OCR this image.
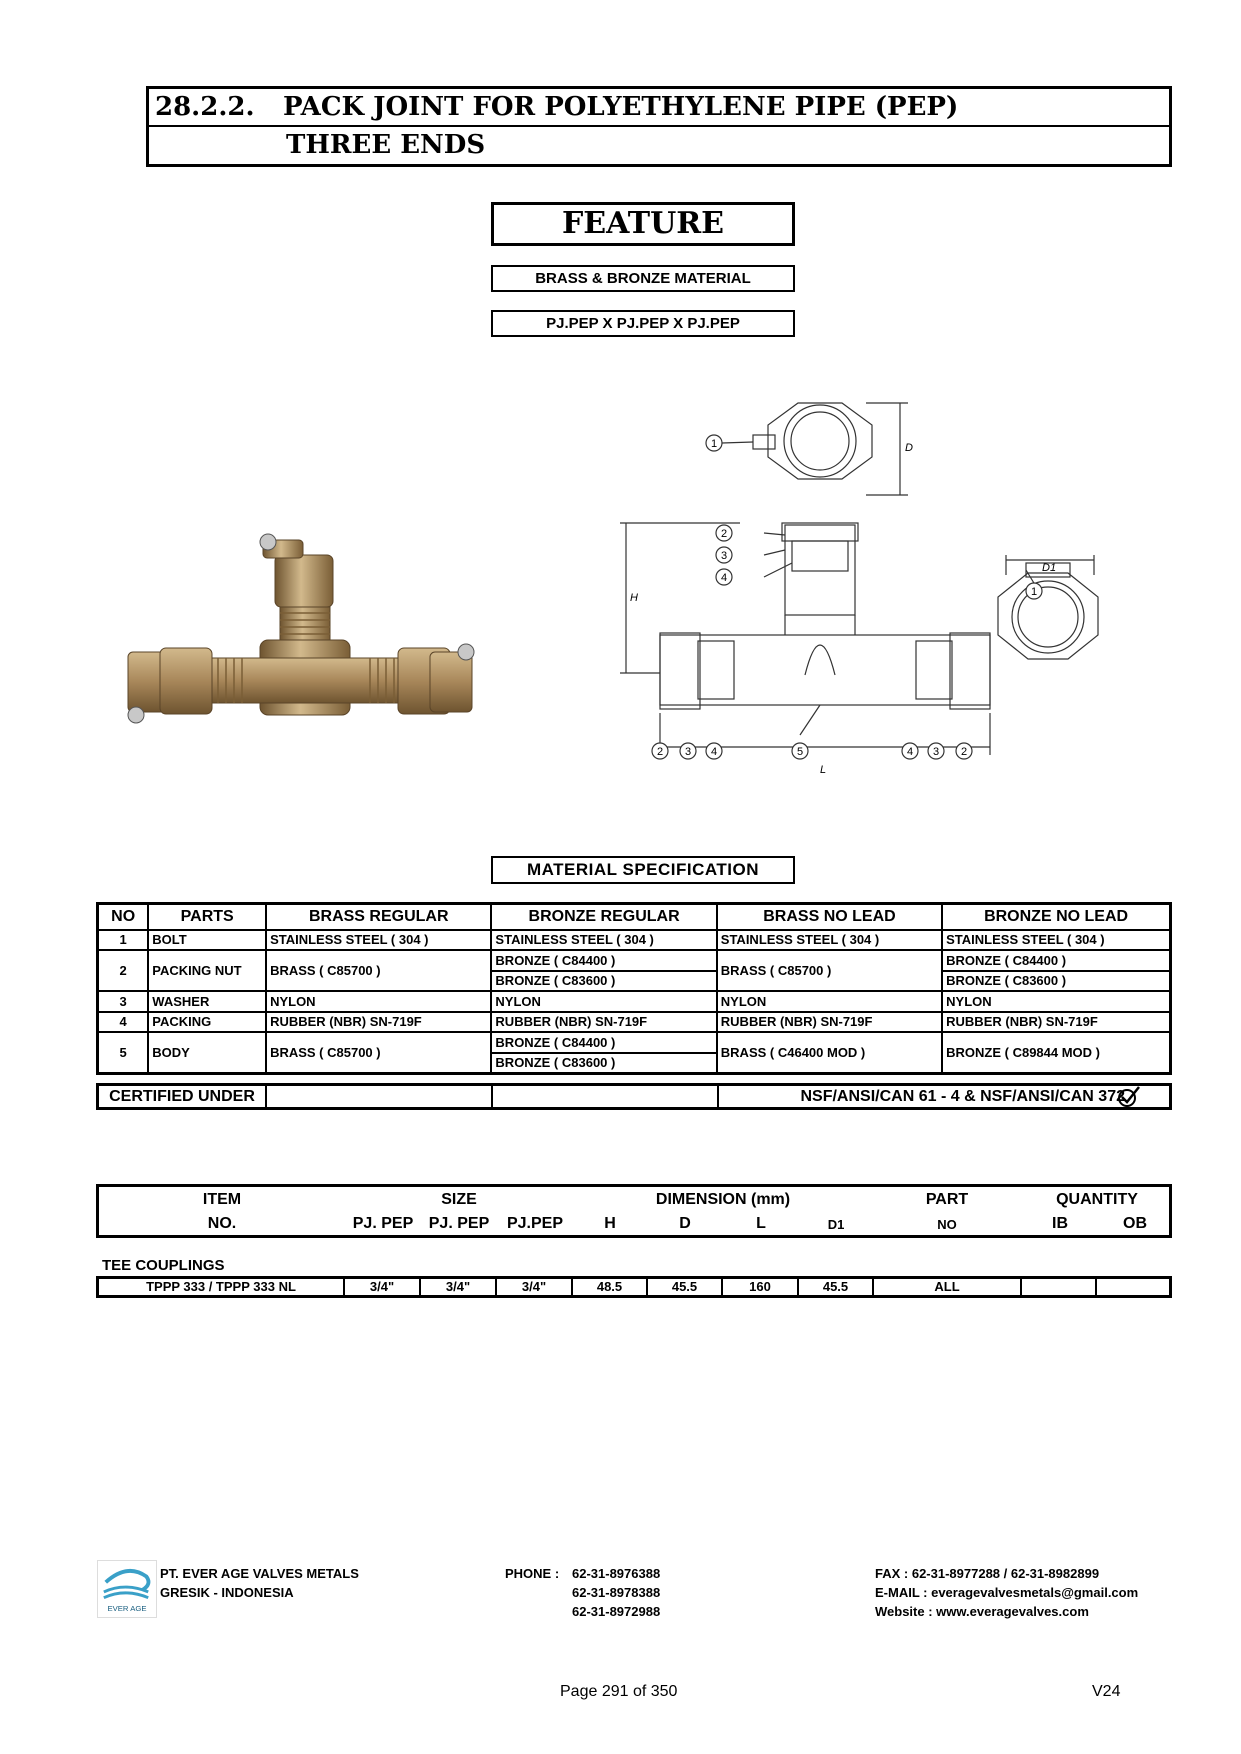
28.2.2. PACK JOINT FOR POLYETHYLENE PIPE (PEP)
THREE ENDS
FEATURE
BRASS & BRONZE MATERIAL
PJ.PEP X PJ.PEP X PJ.PEP
1
2
3
4
2 3 4	5	4 3 2
1
D
D1
H
L
MATERIAL SPECIFICATION
NO	PARTS	BRASS REGULAR	BRONZE REGULAR	BRASS NO LEAD	BRONZE NO LEAD
1	BOLT	STAINLESS STEEL ( 304 )	STAINLESS STEEL ( 304 )	STAINLESS STEEL ( 304 )	STAINLESS STEEL ( 304 )
2	PACKING NUT	BRASS ( C85700 )	BRONZE ( C84400 )	BRASS ( C85700 )	BRONZE ( C84400 )
			BRONZE ( C83600 )		BRONZE ( C83600 )
3	WASHER	NYLON	NYLON	NYLON	NYLON
4	PACKING	RUBBER (NBR) SN-719F	RUBBER (NBR) SN-719F	RUBBER (NBR) SN-719F	RUBBER (NBR) SN-719F
5	BODY	BRASS ( C85700 )	BRONZE ( C84400 )	BRASS ( C46400 MOD )	BRONZE ( C89844 MOD )
			BRONZE ( C83600 )		
CERTIFIED UNDER	NSF/ANSI/CAN 61 - 4 & NSF/ANSI/CAN 372
ITEM
NO.
SIZE
PJ. PEP PJ. PEP PJ.PEP
DIMENSION (mm)
H	D	L	D1
PART
NO
QUANTITY
IB	OB
TEE COUPLINGS
TPPP 333 / TPPP 333 NL	3/4"	3/4"	3/4"	48.5	45.5	160	45.5	ALL
EVER AGE
PT. EVER AGE VALVES METALS
GRESIK - INDONESIA
PHONE : 62-31-8976388
62-31-8978388
62-31-8972988
FAX : 62-31-8977288 / 62-31-8982899
E-MAIL : everagevalvesmetals@gmail.com
Website : www.everagevalves.com
Page 291 of 350	V24
